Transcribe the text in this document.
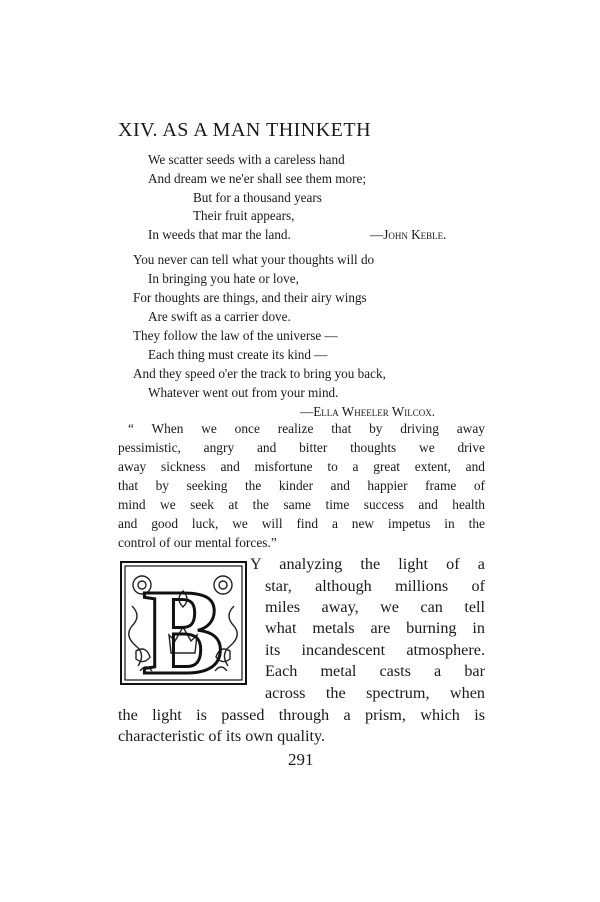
XIV. AS A MAN THINKETH
We scatter seeds with a careless hand
And dream we ne'er shall see them more;
But for a thousand years
Their fruit appears,
In weeds that mar the land.	—John Keble.
You never can tell what your thoughts will do
In bringing you hate or love,
For thoughts are things, and their airy wings
Are swift as a carrier dove.
They follow the law of the universe —
Each thing must create its kind —
And they speed o'er the track to bring you back,
Whatever went out from your mind.
—Ella Wheeler Wilcox.
“ When we once realize that by driving away
pessimistic, angry and bitter thoughts we drive
away sickness and misfortune to a great extent, and
that by seeking the kinder and happier frame of
mind we seek at the same time success and health
and good luck, we will find a new impetus in the
control of our mental forces.”
B
Y analyzing the light of a
star, although millions of
miles away, we can tell
what metals are burning in
its incandescent atmosphere.
Each metal casts a bar
across the spectrum, when
the light is passed through a prism, which is
characteristic of its own quality.
291
